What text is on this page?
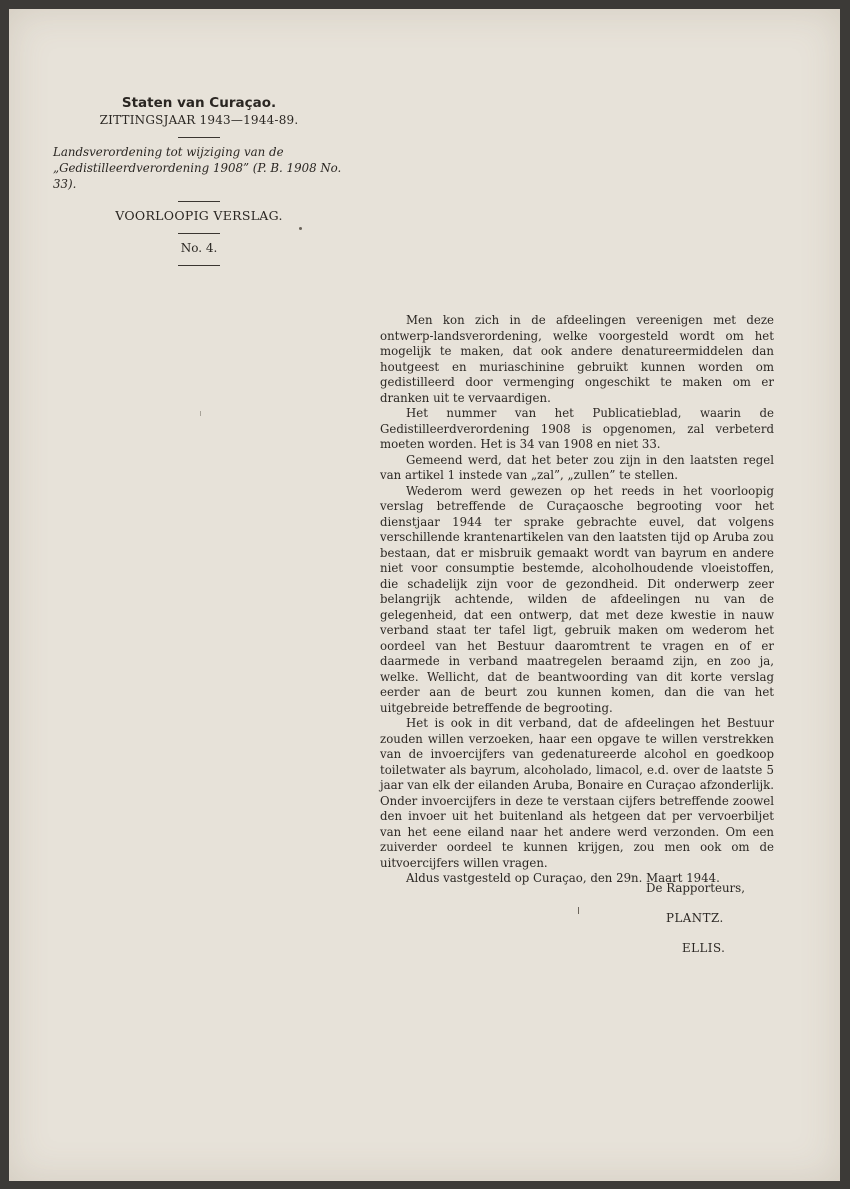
Staten van Curaçao.

ZITTINGSJAAR 1943—1944-89.

Landsverordening tot wijziging van de „Gedistilleerdverordening 1908” (P. B. 1908 No. 33).

VOORLOOPIG VERSLAG.

No. 4.

Men kon zich in de afdeelingen vereenigen met deze ontwerp-landsverordening, welke voorgesteld wordt om het mogelijk te maken, dat ook andere denatureermiddelen dan houtgeest en muriaschinine gebruikt kunnen worden om gedistilleerd door vermenging ongeschikt te maken om er dranken uit te vervaardigen.

Het nummer van het Publicatieblad, waarin de Gedistilleerdverordening 1908 is opgenomen, zal verbeterd moeten worden. Het is 34 van 1908 en niet 33.

Gemeend werd, dat het beter zou zijn in den laatsten regel van artikel 1 instede van „zal”, „zullen” te stellen.

Wederom werd gewezen op het reeds in het voorloopig verslag betreffende de Curaçaosche begrooting voor het dienstjaar 1944 ter sprake gebrachte euvel, dat volgens verschillende krantenartikelen van den laatsten tijd op Aruba zou bestaan, dat er misbruik gemaakt wordt van bayrum en andere niet voor consumptie bestemde, alcoholhoudende vloeistoffen, die schadelijk zijn voor de gezondheid. Dit onderwerp zeer belangrijk achtende, wilden de afdeelingen nu van de gelegenheid, dat een ontwerp, dat met deze kwestie in nauw verband staat ter tafel ligt, gebruik maken om wederom het oordeel van het Bestuur daaromtrent te vragen en of er daarmede in verband maatregelen beraamd zijn, en zoo ja, welke. Wellicht, dat de beantwoording van dit korte verslag eerder aan de beurt zou kunnen komen, dan die van het uitgebreide betreffende de begrooting.

Het is ook in dit verband, dat de afdeelingen het Bestuur zouden willen verzoeken, haar een opgave te willen verstrekken van de invoercijfers van gedenatureerde alcohol en goedkoop toiletwater als bayrum, alcoholado, limacol, e.d. over de laatste 5 jaar van elk der eilanden Aruba, Bonaire en Curaçao afzonderlijk. Onder invoercijfers in deze te verstaan cijfers betreffende zoowel den invoer uit het buitenland als hetgeen dat per vervoerbiljet van het eene eiland naar het andere werd verzonden. Om een zuiverder oordeel te kunnen krijgen, zou men ook om de uitvoercijfers willen vragen.

Aldus vastgesteld op Curaçao, den 29n. Maart 1944.

De Rapporteurs,
PLANTZ.
ELLIS.
